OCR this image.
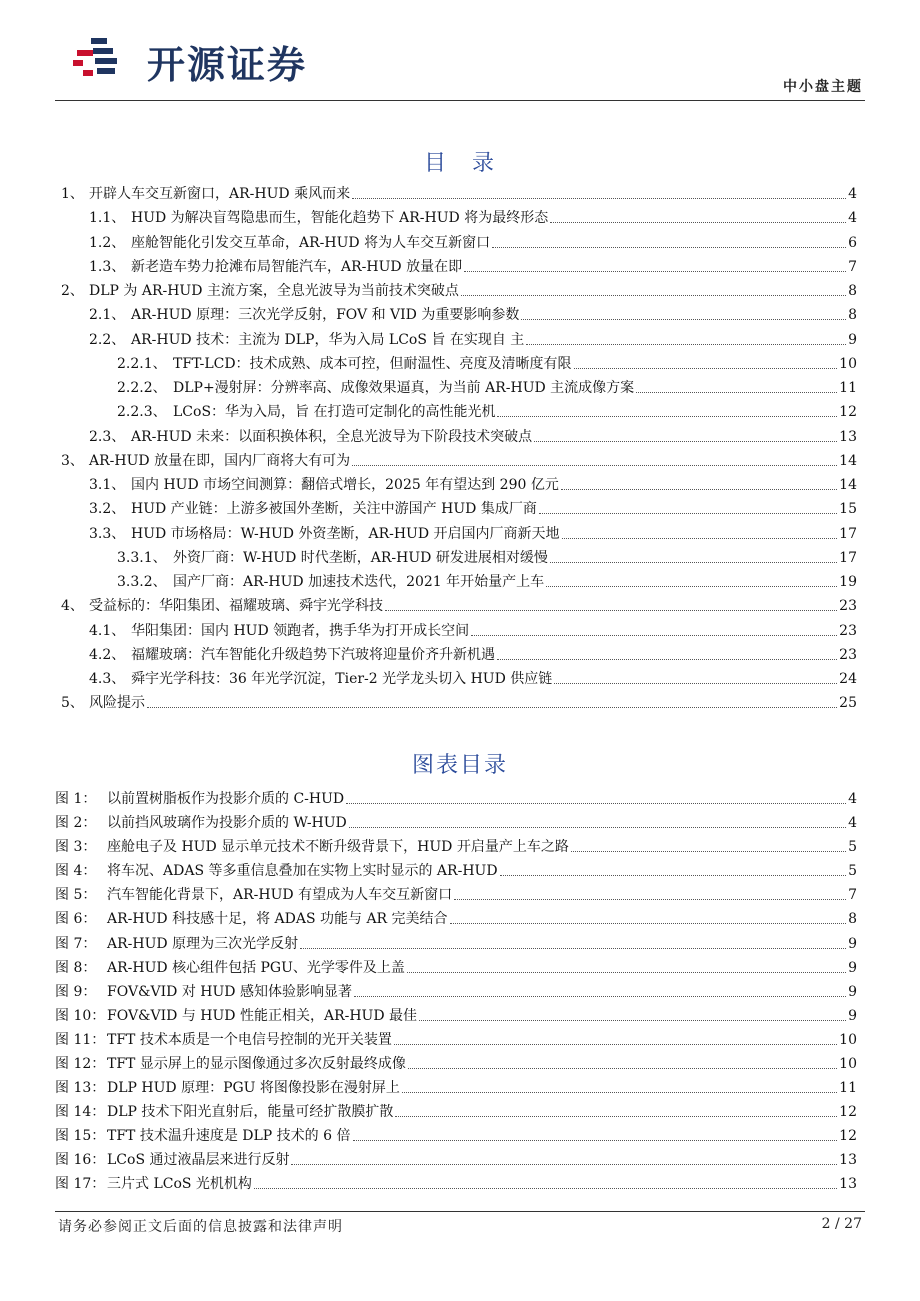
开源证券	中小盘主题
目　录
1、 开辟人车交互新窗口，AR-HUD 乘风而来	4
1.1、 HUD 为解决盲驾隐患而生，智能化趋势下 AR-HUD 将为最终形态	4
1.2、 座舱智能化引发交互革命，AR-HUD 将为人车交互新窗口	6
1.3、 新老造车势力抢滩布局智能汽车，AR-HUD 放量在即	7
2、 DLP 为 AR-HUD 主流方案，全息光波导为当前技术突破点	8
2.1、 AR-HUD 原理：三次光学反射，FOV 和 VID 为重要影响参数	8
2.2、 AR-HUD 技术：主流为 DLP，华为入局 LCoS 旨 在实现自 主	9
2.2.1、 TFT-LCD：技术成熟、成本可控，但耐温性、亮度及清晰度有限	10
2.2.2、 DLP+漫射屏：分辨率高、成像效果逼真，为当前 AR-HUD 主流成像方案	11
2.2.3、 LCoS：华为入局，旨 在打造可定制化的高性能光机	12
2.3、 AR-HUD 未来：以面积换体积，全息光波导为下阶段技术突破点	13
3、 AR-HUD 放量在即，国内厂商将大有可为	14
3.1、 国内 HUD 市场空间测算：翻倍式增长，2025 年有望达到 290 亿元	14
3.2、 HUD 产业链：上游多被国外垄断，关注中游国产 HUD 集成厂商	15
3.3、 HUD 市场格局：W-HUD 外资垄断，AR-HUD 开启国内厂商新天地	17
3.3.1、 外资厂商：W-HUD 时代垄断，AR-HUD 研发进展相对缓慢	17
3.3.2、 国产厂商：AR-HUD 加速技术迭代，2021 年开始量产上车	19
4、 受益标的：华阳集团、福耀玻璃、舜宇光学科技	23
4.1、 华阳集团：国内 HUD 领跑者，携手华为打开成长空间	23
4.2、 福耀玻璃：汽车智能化升级趋势下汽玻将迎量价齐升新机遇	23
4.3、 舜宇光学科技：36 年光学沉淀，Tier-2 光学龙头切入 HUD 供应链	24
5、 风险提示	25
图表目录
图 1： 以前置树脂板作为投影介质的 C-HUD	4
图 2： 以前挡风玻璃作为投影介质的 W-HUD	4
图 3： 座舱电子及 HUD 显示单元技术不断升级背景下，HUD 开启量产上车之路	5
图 4： 将车况、ADAS 等多重信息叠加在实物上实时显示的 AR-HUD	5
图 5： 汽车智能化背景下，AR-HUD 有望成为人车交互新窗口	7
图 6： AR-HUD 科技感十足，将 ADAS 功能与 AR 完美结合	8
图 7： AR-HUD 原理为三次光学反射	9
图 8： AR-HUD 核心组件包括 PGU、光学零件及上盖	9
图 9： FOV&VID 对 HUD 感知体验影响显著	9
图 10： FOV&VID 与 HUD 性能正相关，AR-HUD 最佳	9
图 11： TFT 技术本质是一个电信号控制的光开关装置	10
图 12： TFT 显示屏上的显示图像通过多次反射最终成像	10
图 13： DLP HUD 原理：PGU 将图像投影在漫射屏上	11
图 14： DLP 技术下阳光直射后，能量可经扩散膜扩散	12
图 15： TFT 技术温升速度是 DLP 技术的 6 倍	12
图 16： LCoS 通过液晶层来进行反射	13
图 17： 三片式 LCoS 光机机构	13
请务必参阅正文后面的信息披露和法律声明	2 / 27
